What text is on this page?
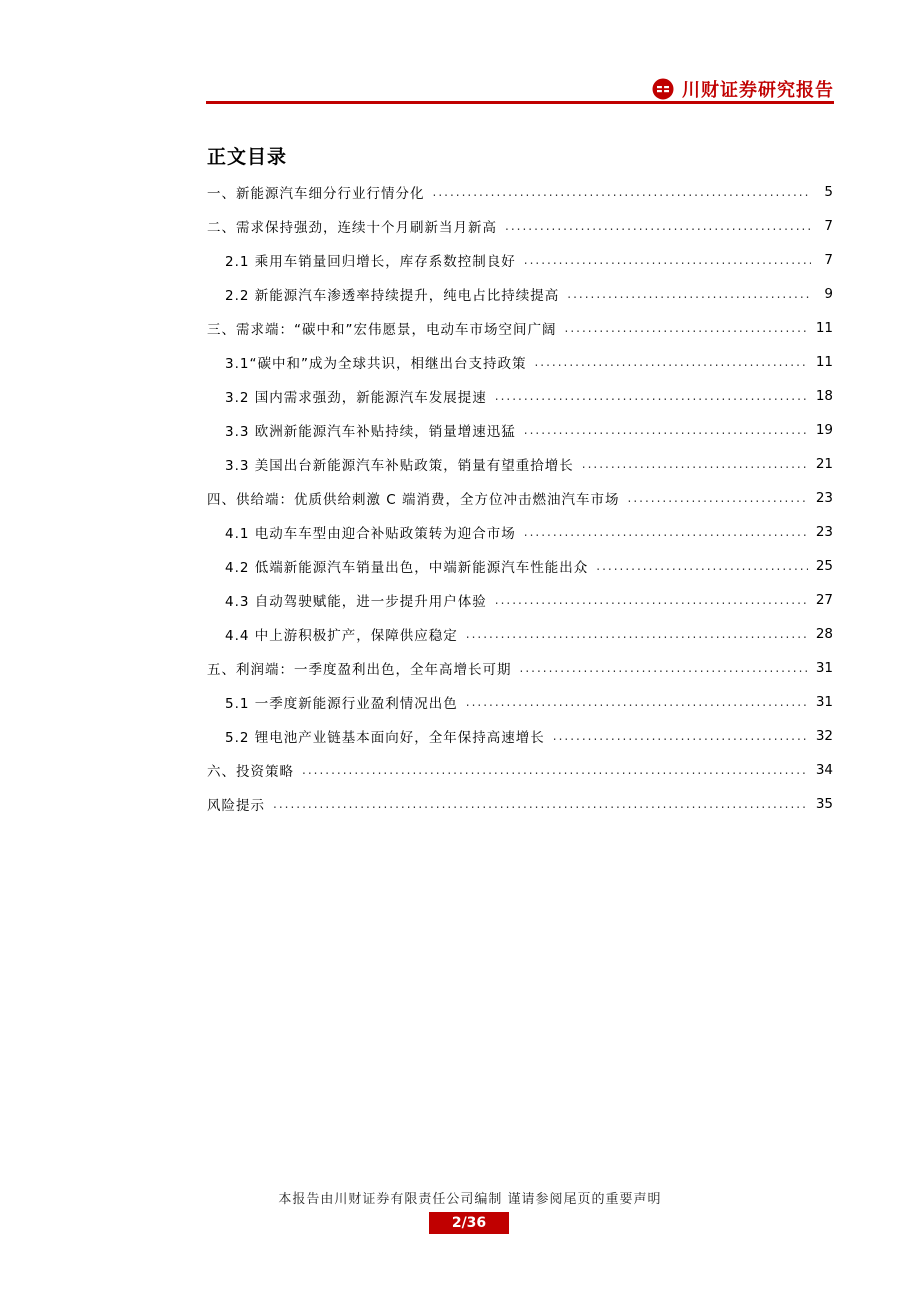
川财证券研究报告
正文目录
一、新能源汽车细分行业行情分化 .....	5
二、需求保持强劲，连续十个月刷新当月新高 .....	7
2.1 乘用车销量回归增长，库存系数控制良好 .....	7
2.2 新能源汽车渗透率持续提升，纯电占比持续提高 .....	9
三、需求端：“碳中和”宏伟愿景，电动车市场空间广阔 .....	11
3.1“碳中和”成为全球共识，相继出台支持政策 .....	11
3.2 国内需求强劲，新能源汽车发展提速 .....	18
3.3 欧洲新能源汽车补贴持续，销量增速迅猛 .....	19
3.3 美国出台新能源汽车补贴政策，销量有望重拾增长 .....	21
四、供给端：优质供给刺激 C 端消费，全方位冲击燃油汽车市场 .....	23
4.1 电动车车型由迎合补贴政策转为迎合市场 .....	23
4.2 低端新能源汽车销量出色，中端新能源汽车性能出众 .....	25
4.3 自动驾驶赋能，进一步提升用户体验 .....	27
4.4 中上游积极扩产，保障供应稳定 .....	28
五、利润端：一季度盈利出色，全年高增长可期 .....	31
5.1 一季度新能源行业盈利情况出色 .....	31
5.2 锂电池产业链基本面向好，全年保持高速增长 .....	32
六、投资策略 .....	34
风险提示 .....	35
本报告由川财证券有限责任公司编制 谨请参阅尾页的重要声明
2/36
